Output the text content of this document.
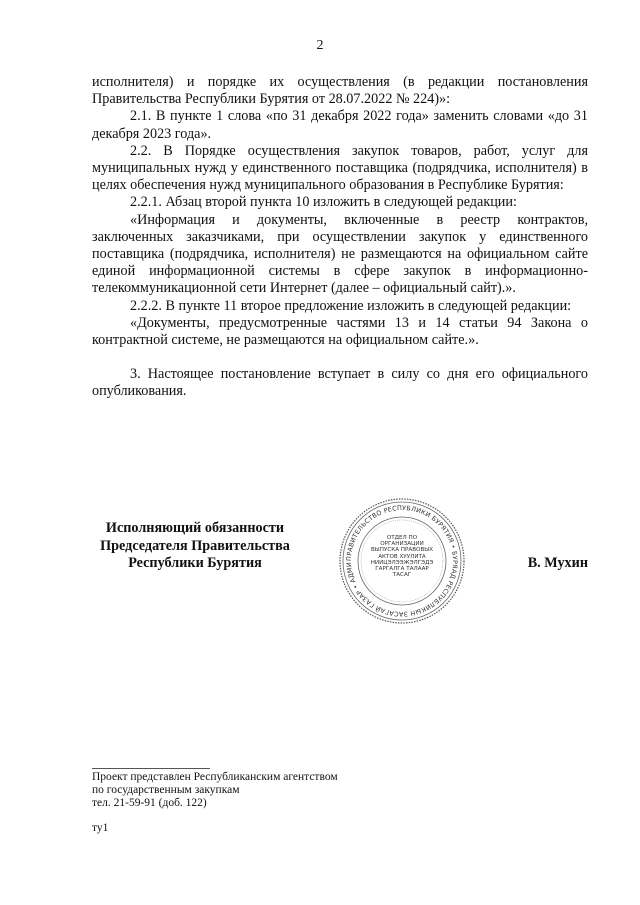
2

исполнителя) и порядке их осуществления (в редакции постановления Правительства Республики Бурятия от 28.07.2022 № 224)»:

2.1. В пункте 1 слова «по 31 декабря 2022 года» заменить словами «до 31 декабря 2023 года».

2.2. В Порядке осуществления закупок товаров, работ, услуг для муниципальных нужд у единственного поставщика (подрядчика, исполнителя) в целях обеспечения нужд муниципального образования в Республике Бурятия:

2.2.1. Абзац второй пункта 10 изложить в следующей редакции:

«Информация и документы, включенные в реестр контрактов, заключенных заказчиками, при осуществлении закупок у единственного поставщика (подрядчика, исполнителя) не размещаются на официальном сайте единой информационной системы в сфере закупок в информационно-телекоммуникационной сети Интернет (далее – официальный сайт).».

2.2.2. В пункте 11 второе предложение изложить в следующей редакции:

«Документы, предусмотренные частями 13 и 14 статьи 94 Закона о контрактной системе, не размещаются на официальном сайте.».

3. Настоящее постановление вступает в силу со дня его официального опубликования.

Исполняющий обязанности
Председателя Правительства
Республики Бурятия	ПРАВИТЕЛЬСТВО РЕСПУБЛИКИ БУРЯТИЯ • БУРЯАД РЕСПУБЛИКЫН ЗАСАГАЙ ГАЗАР • АДМИ
ОТДЕЛ ПО ОРГАНИЗАЦИИ ВЫПУСКА ПРАВОВЫХ АКТОВ ХУУЛИТА НИИЦЭЛЭЭЖЭЛГЭДЭ ГАРГАЛГА ТАЛААР ТАСАГ
В. Мухин
Проект представлен Республиканским агентством
по государственным закупкам
тел. 21-59-91 (доб. 122)
ту1
